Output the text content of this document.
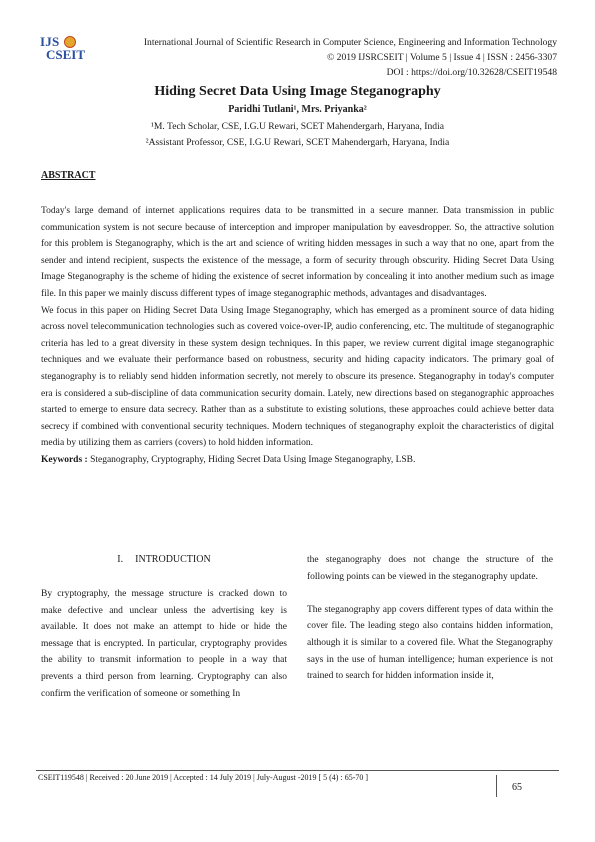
IJS
CSEIT
International Journal of Scientific Research in Computer Science, Engineering and Information Technology
© 2019 IJSRCSEIT | Volume 5 | Issue 4 | ISSN : 2456-3307
DOI : https://doi.org/10.32628/CSEIT19548
Hiding Secret Data Using Image Steganography
Paridhi Tutlani¹, Mrs. Priyanka²
¹M. Tech Scholar, CSE, I.G.U Rewari, SCET Mahendergarh, Haryana, India
²Assistant Professor, CSE, I.G.U Rewari, SCET Mahendergarh, Haryana, India
ABSTRACT

Today's large demand of internet applications requires data to be transmitted in a secure manner. Data transmission in public communication system is not secure because of interception and improper manipulation by eavesdropper. So, the attractive solution for this problem is Steganography, which is the art and science of writing hidden messages in such a way that no one, apart from the sender and intend recipient, suspects the existence of the message, a form of security through obscurity. Hiding Secret Data Using Image Steganography is the scheme of hiding the existence of secret information by concealing it into another medium such as image file. In this paper we mainly discuss different types of image steganographic methods, advantages and disadvantages.

We focus in this paper on Hiding Secret Data Using Image Steganography, which has emerged as a prominent source of data hiding across novel telecommunication technologies such as covered voice-over-IP, audio conferencing, etc. The multitude of steganographic criteria has led to a great diversity in these system design techniques. In this paper, we review current digital image steganographic techniques and we evaluate their performance based on robustness, security and hiding capacity indicators. The primary goal of steganography is to reliably send hidden information secretly, not merely to obscure its presence. Steganography in today's computer era is considered a sub-discipline of data communication security domain. Lately, new directions based on steganographic approaches started to emerge to ensure data secrecy. Rather than as a substitute to existing solutions, these approaches could achieve better data secrecy if combined with conventional security techniques. Modern techniques of steganography exploit the characteristics of digital media by utilizing them as carriers (covers) to hold hidden information.

Keywords : Steganography, Cryptography, Hiding Secret Data Using Image Steganography, LSB.

I. INTRODUCTION

By cryptography, the message structure is cracked down to make defective and unclear unless the advertising key is available. It does not make an attempt to hide or hide the message that is encrypted. In particular, cryptography provides the ability to transmit information to people in a way that prevents a third person from learning. Cryptography can also confirm the verification of someone or something In

the steganography does not change the structure of the following points can be viewed in the steganography update.

The steganography app covers different types of data within the cover file. The leading stego also contains hidden information, although it is similar to a covered file. What the Steganography says in the use of human intelligence; human experience is not trained to search for hidden information inside it,

CSEIT119548 | Received : 20 June 2019 | Accepted : 14 July 2019 | July-August -2019 [ 5 (4) : 65-70 ]
65
